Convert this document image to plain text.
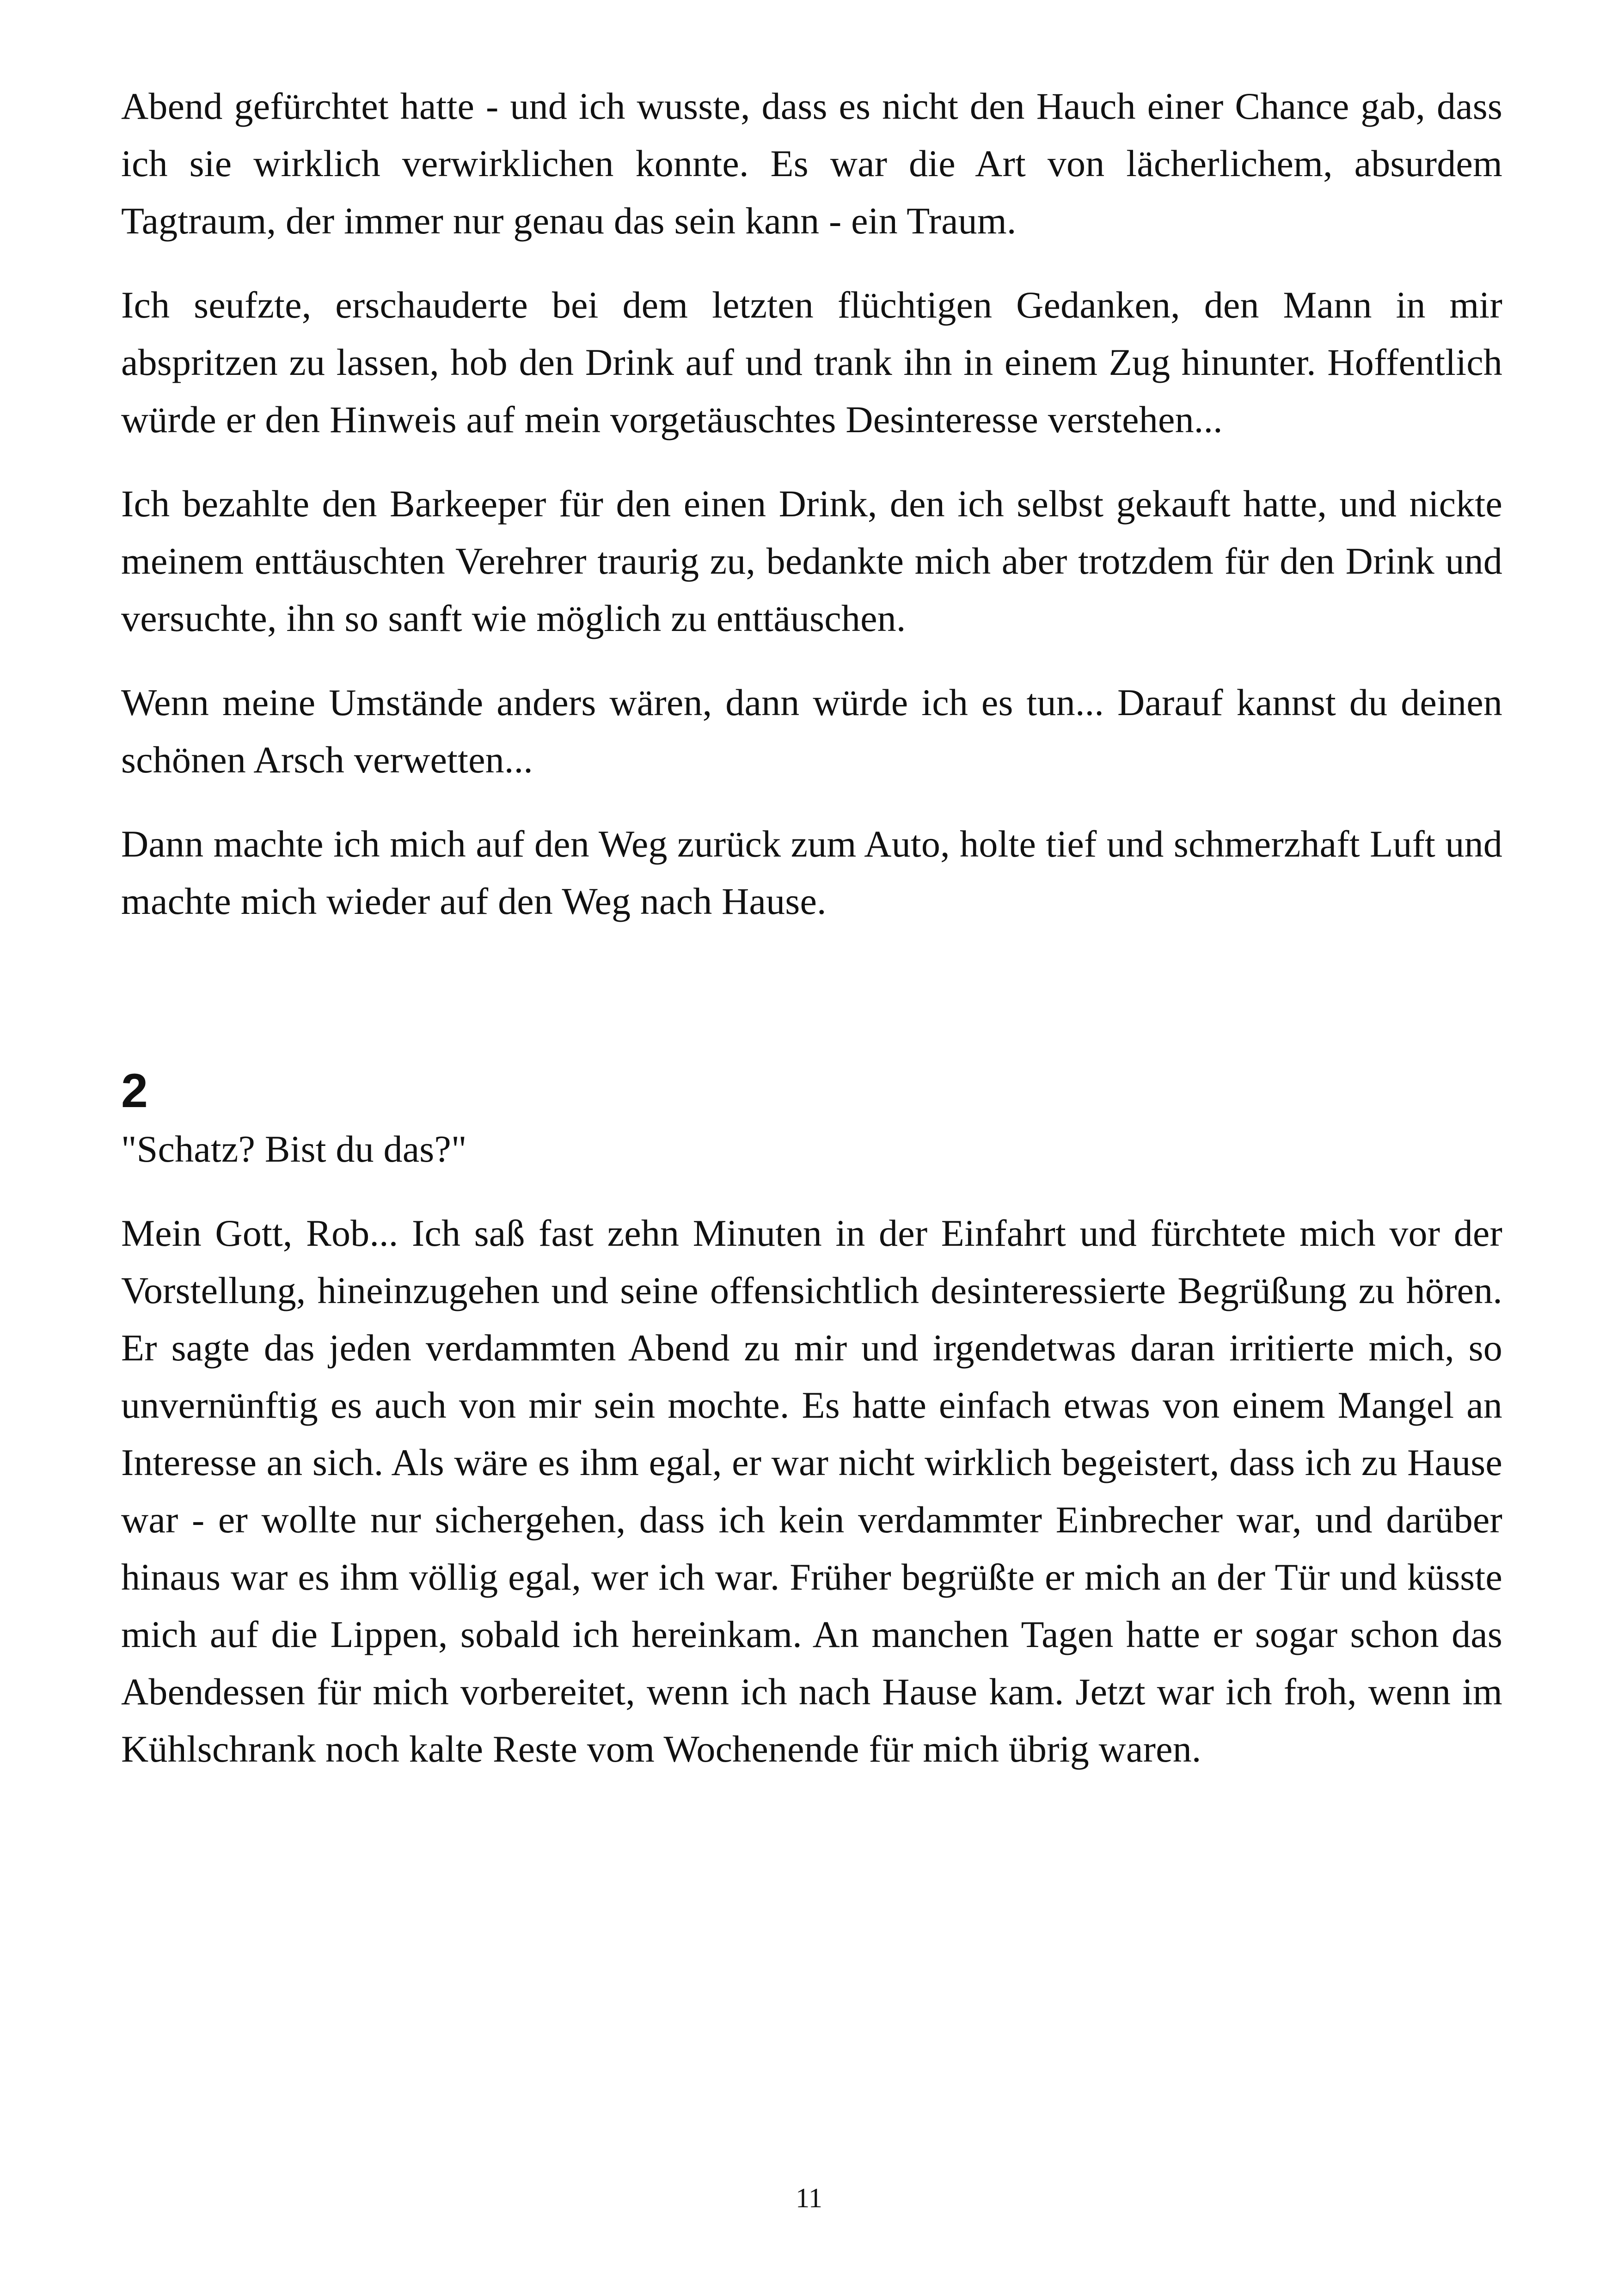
Abend gefürchtet hatte - und ich wusste, dass es nicht den Hauch einer Chance gab, dass ich sie wirklich verwirklichen konnte. Es war die Art von lächerlichem, absurdem Tagtraum, der immer nur genau das sein kann - ein Traum.

Ich seufzte, erschauderte bei dem letzten flüchtigen Gedanken, den Mann in mir abspritzen zu lassen, hob den Drink auf und trank ihn in einem Zug hinunter. Hoffentlich würde er den Hinweis auf mein vorgetäuschtes Desinteresse verstehen...

Ich bezahlte den Barkeeper für den einen Drink, den ich selbst gekauft hatte, und nickte meinem enttäuschten Verehrer traurig zu, bedankte mich aber trotzdem für den Drink und versuchte, ihn so sanft wie möglich zu enttäuschen.

Wenn meine Umstände anders wären, dann würde ich es tun... Darauf kannst du deinen schönen Arsch verwetten...

Dann machte ich mich auf den Weg zurück zum Auto, holte tief und schmerzhaft Luft und machte mich wieder auf den Weg nach Hause.

2

"Schatz? Bist du das?"

Mein Gott, Rob... Ich saß fast zehn Minuten in der Einfahrt und fürchtete mich vor der Vorstellung, hineinzugehen und seine offensichtlich desinteressierte Begrüßung zu hören. Er sagte das jeden verdammten Abend zu mir und irgendetwas daran irritierte mich, so unvernünftig es auch von mir sein mochte. Es hatte einfach etwas von einem Mangel an Interesse an sich. Als wäre es ihm egal, er war nicht wirklich begeistert, dass ich zu Hause war - er wollte nur sichergehen, dass ich kein verdammter Einbrecher war, und darüber hinaus war es ihm völlig egal, wer ich war. Früher begrüßte er mich an der Tür und küsste mich auf die Lippen, sobald ich hereinkam. An manchen Tagen hatte er sogar schon das Abendessen für mich vorbereitet, wenn ich nach Hause kam. Jetzt war ich froh, wenn im Kühlschrank noch kalte Reste vom Wochenende für mich übrig waren.

11
